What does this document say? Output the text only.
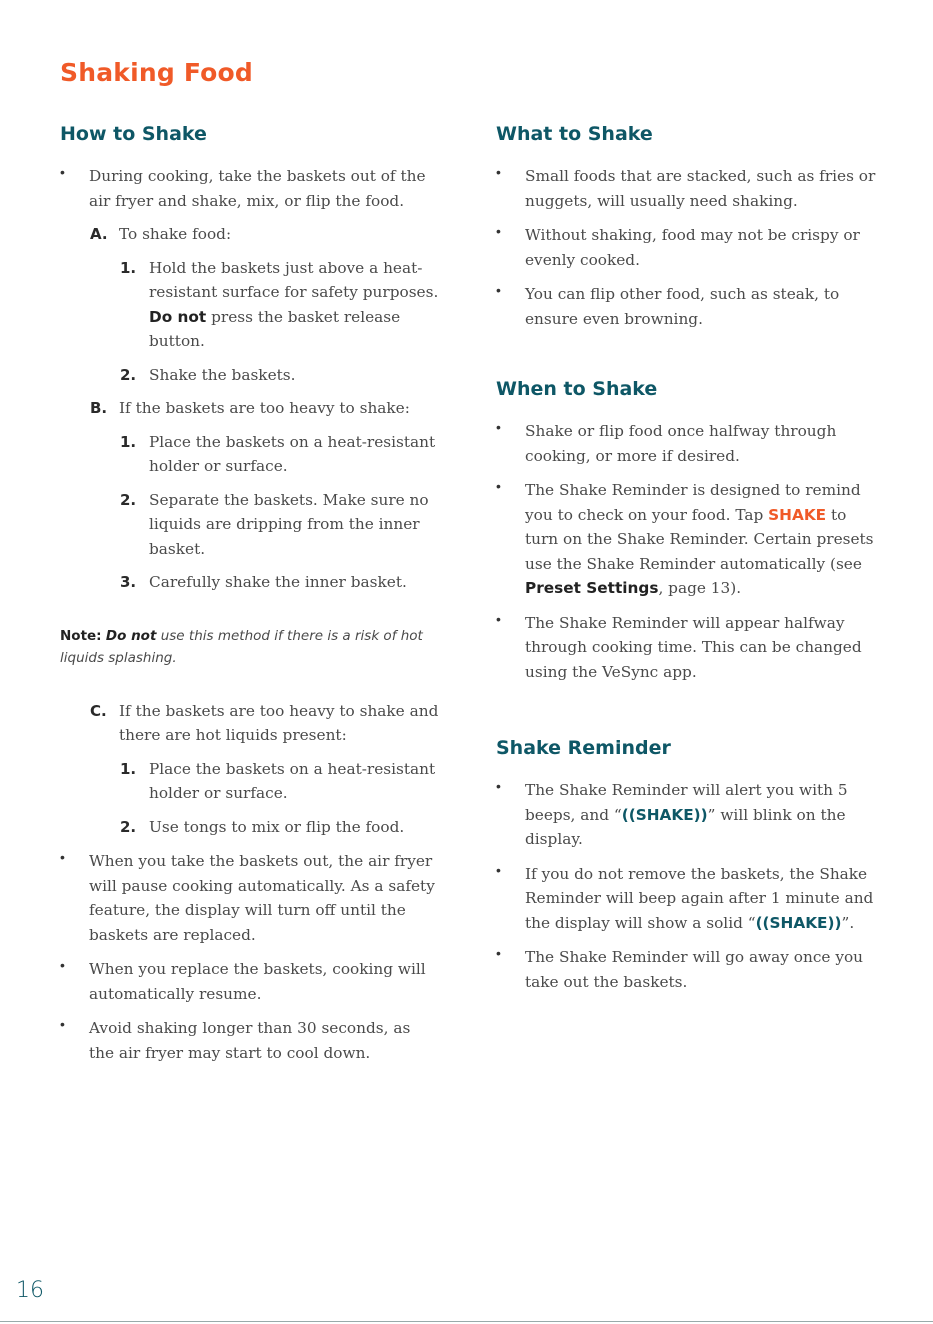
Shaking Food
How to Shake
• During cooking, take the baskets out of the air fryer and shake, mix, or flip the food.
A. To shake food:
1. Hold the baskets just above a heat-resistant surface for safety purposes. Do not press the basket release button.
2. Shake the baskets.
B. If the baskets are too heavy to shake:
1. Place the baskets on a heat-resistant holder or surface.
2. Separate the baskets. Make sure no liquids are dripping from the inner basket.
3. Carefully shake the inner basket.
Note: Do not use this method if there is a risk of hot liquids splashing.
C. If the baskets are too heavy to shake and there are hot liquids present:
1. Place the baskets on a heat-resistant holder or surface.
2. Use tongs to mix or flip the food.
• When you take the baskets out, the air fryer will pause cooking automatically. As a safety feature, the display will turn off until the baskets are replaced.
• When you replace the baskets, cooking will automatically resume.
• Avoid shaking longer than 30 seconds, as the air fryer may start to cool down.
What to Shake
• Small foods that are stacked, such as fries or nuggets, will usually need shaking.
• Without shaking, food may not be crispy or evenly cooked.
• You can flip other food, such as steak, to ensure even browning.
When to Shake
• Shake or flip food once halfway through cooking, or more if desired.
• The Shake Reminder is designed to remind you to check on your food. Tap SHAKE to turn on the Shake Reminder. Certain presets use the Shake Reminder automatically (see Preset Settings, page 13).
• The Shake Reminder will appear halfway through cooking time. This can be changed using the VeSync app.
Shake Reminder
• The Shake Reminder will alert you with 5 beeps, and “((SHAKE))” will blink on the display.
• If you do not remove the baskets, the Shake Reminder will beep again after 1 minute and the display will show a solid “((SHAKE))”.
• The Shake Reminder will go away once you take out the baskets.
16
